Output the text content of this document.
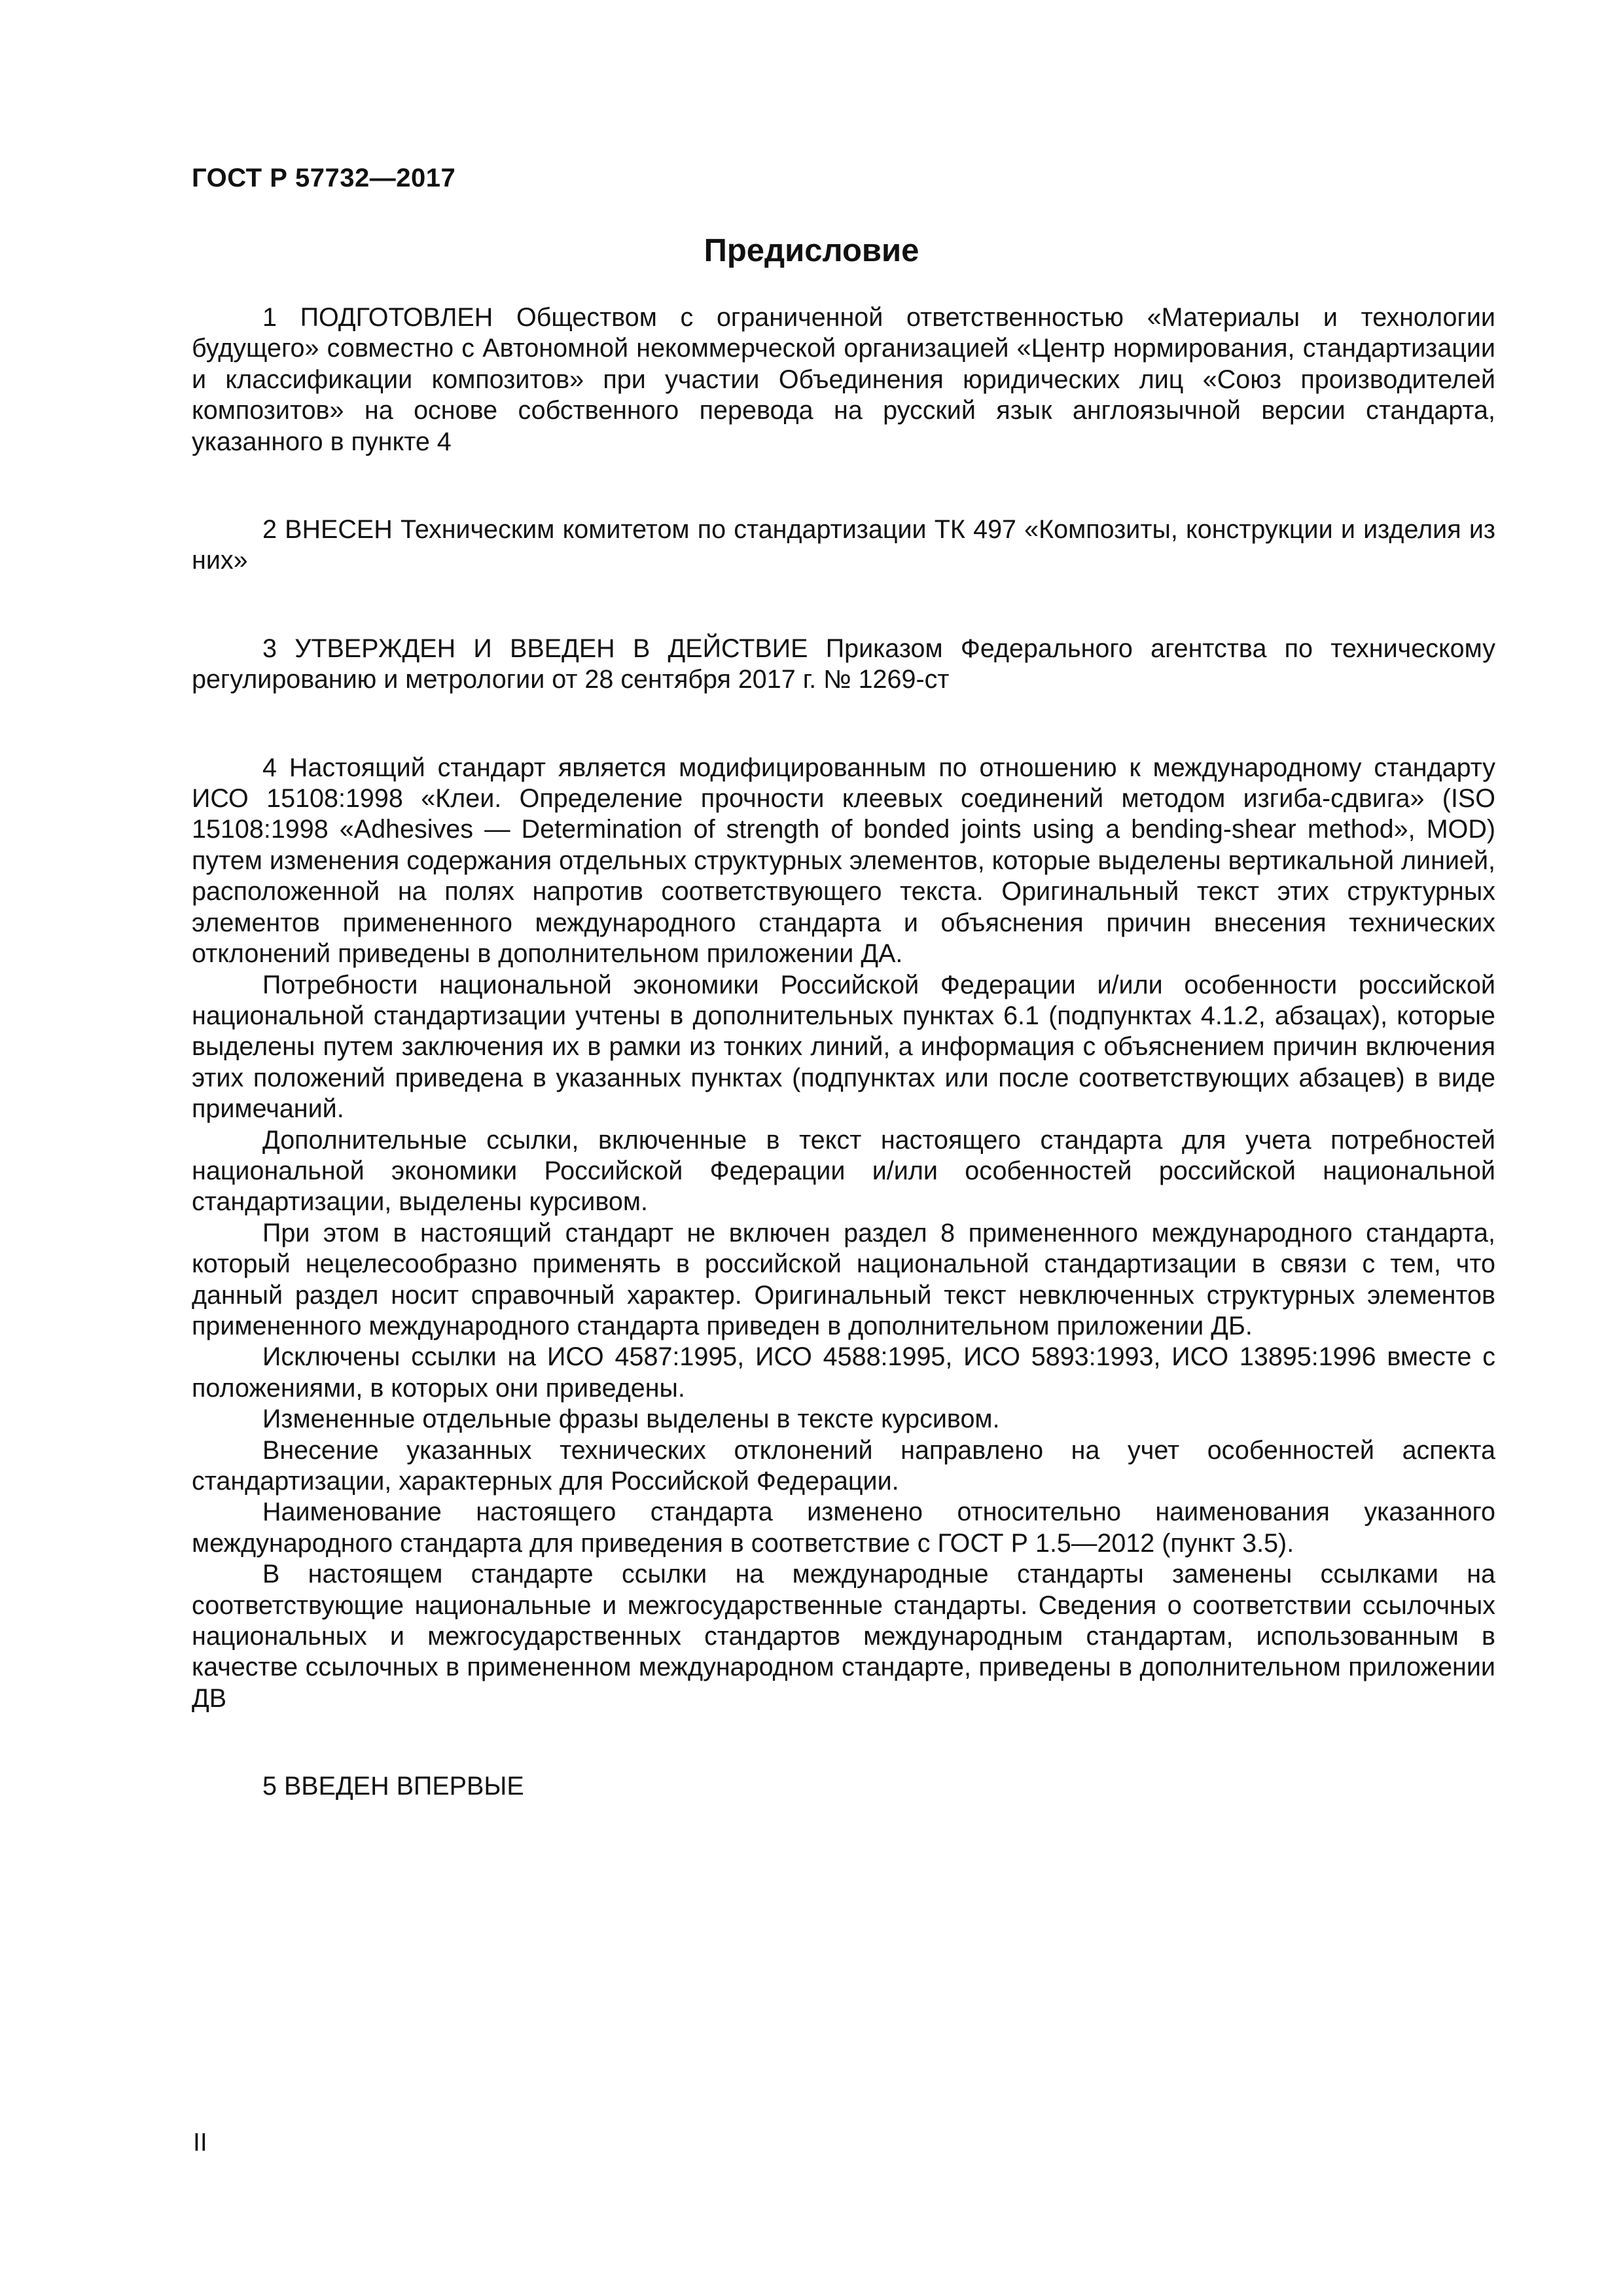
ГОСТ Р 57732—2017
Предисловие

1 ПОДГОТОВЛЕН Обществом с ограниченной ответственностью «Материалы и технологии будущего» совместно с Автономной некоммерческой организацией «Центр нормирования, стандартизации и классификации композитов» при участии Объединения юридических лиц «Союз производителей композитов» на основе собственного перевода на русский язык англоязычной версии стандарта, указанного в пункте 4

2 ВНЕСЕН Техническим комитетом по стандартизации ТК 497 «Композиты, конструкции и изделия из них»

3 УТВЕРЖДЕН И ВВЕДЕН В ДЕЙСТВИЕ Приказом Федерального агентства по техническому регулированию и метрологии от 28 сентября 2017 г. № 1269-ст

4 Настоящий стандарт является модифицированным по отношению к международному стандарту ИСО 15108:1998 «Клеи. Определение прочности клеевых соединений методом изгиба-сдвига» (ISO 15108:1998 «Adhesives — Determination of strength of bonded joints using a bending-shear method», MOD) путем изменения содержания отдельных структурных элементов, которые выделены вертикальной линией, расположенной на полях напротив соответствующего текста. Оригинальный текст этих структурных элементов примененного международного стандарта и объяснения причин внесения технических отклонений приведены в дополнительном приложении ДА.

Потребности национальной экономики Российской Федерации и/или особенности российской национальной стандартизации учтены в дополнительных пунктах 6.1 (подпунктах 4.1.2, абзацах), которые выделены путем заключения их в рамки из тонких линий, а информация с объяснением причин включения этих положений приведена в указанных пунктах (подпунктах или после соответствующих абзацев) в виде примечаний.

Дополнительные ссылки, включенные в текст настоящего стандарта для учета потребностей национальной экономики Российской Федерации и/или особенностей российской национальной стандартизации, выделены курсивом.

При этом в настоящий стандарт не включен раздел 8 примененного международного стандарта, который нецелесообразно применять в российской национальной стандартизации в связи с тем, что данный раздел носит справочный характер. Оригинальный текст невключенных структурных элементов примененного международного стандарта приведен в дополнительном приложении ДБ.

Исключены ссылки на ИСО 4587:1995, ИСО 4588:1995, ИСО 5893:1993, ИСО 13895:1996 вместе с положениями, в которых они приведены.

Измененные отдельные фразы выделены в тексте курсивом.

Внесение указанных технических отклонений направлено на учет особенностей аспекта стандартизации, характерных для Российской Федерации.

Наименование настоящего стандарта изменено относительно наименования указанного международного стандарта для приведения в соответствие с ГОСТ Р 1.5—2012 (пункт 3.5).

В настоящем стандарте ссылки на международные стандарты заменены ссылками на соответствующие национальные и межгосударственные стандарты. Сведения о соответствии ссылочных национальных и межгосударственных стандартов международным стандартам, использованным в качестве ссылочных в примененном международном стандарте, приведены в дополнительном приложении ДВ

5 ВВЕДЕН ВПЕРВЫЕ

II
